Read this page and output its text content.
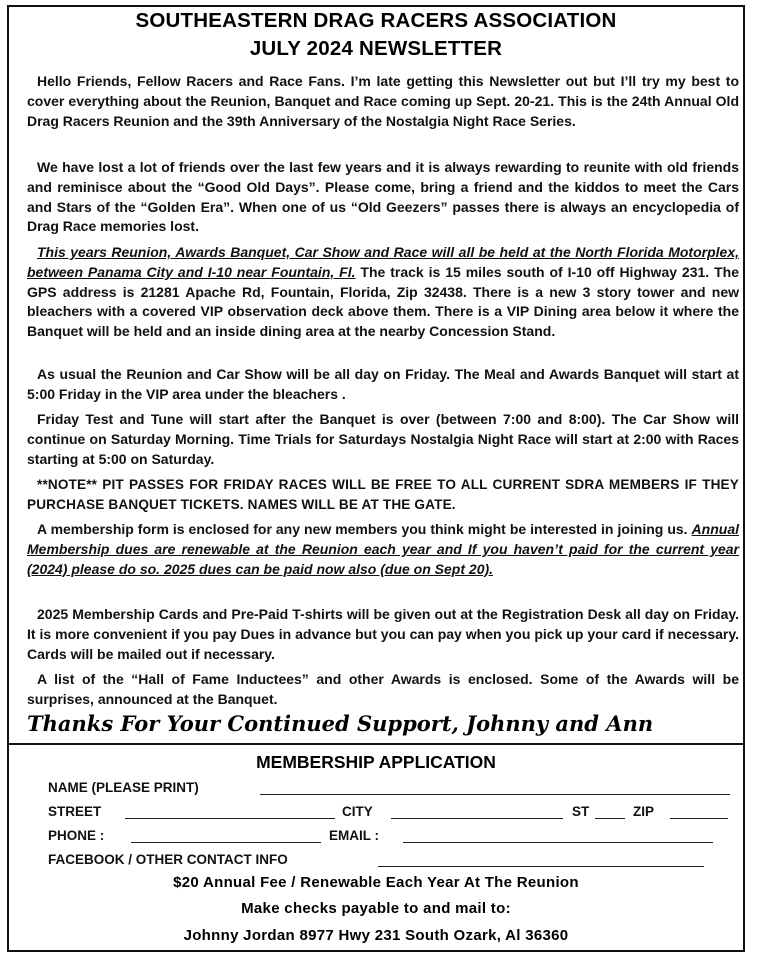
SOUTHEASTERN DRAG RACERS ASSOCIATION
JULY 2024 NEWSLETTER
Hello Friends, Fellow Racers and Race Fans. I’m late getting this Newsletter out but I’ll try my best to cover everything about the Reunion, Banquet and Race coming up Sept. 20-21. This is the 24th Annual Old Drag Racers Reunion and the 39th Anniversary of the Nostalgia Night Race Series.
We have lost a lot of friends over the last few years and it is always rewarding to reunite with old friends and reminisce about the “Good Old Days”. Please come, bring a friend and the kiddos to meet the Cars and Stars of the “Golden Era”. When one of us “Old Geezers” passes there is always an encyclopedia of Drag Race memories lost.
This years Reunion, Awards Banquet, Car Show and Race will all be held at the North Florida Motorplex, between Panama City and I-10 near Fountain, Fl. The track is 15 miles south of I-10 off Highway 231. The GPS address is 21281 Apache Rd, Fountain, Florida, Zip 32438. There is a new 3 story tower and new bleachers with a covered VIP observation deck above them. There is a VIP Dining area below it where the Banquet will be held and an inside dining area at the nearby Concession Stand.
As usual the Reunion and Car Show will be all day on Friday. The Meal and Awards Banquet will start at 5:00 Friday in the VIP area under the bleachers .
Friday Test and Tune will start after the Banquet is over (between 7:00 and 8:00). The Car Show will continue on Saturday Morning. Time Trials for Saturdays Nostalgia Night Race will start at 2:00 with Races starting at 5:00 on Saturday.
**NOTE** PIT PASSES FOR FRIDAY RACES WILL BE FREE TO ALL CURRENT SDRA MEMBERS IF THEY PURCHASE BANQUET TICKETS. NAMES WILL BE AT THE GATE.
A membership form is enclosed for any new members you think might be interested in joining us. Annual Membership dues are renewable at the Reunion each year and If you haven’t paid for the current year (2024) please do so. 2025 dues can be paid now also (due on Sept 20).
2025 Membership Cards and Pre-Paid T-shirts will be given out at the Registration Desk all day on Friday. It is more convenient if you pay Dues in advance but you can pay when you pick up your card if necessary. Cards will be mailed out if necessary.
A list of the “Hall of Fame Inductees” and other Awards is enclosed. Some of the Awards will be surprises, announced at the Banquet.
Thanks For Your Continued Support, Johnny and Ann
MEMBERSHIP APPLICATION
NAME (PLEASE PRINT)
STREET	CITY	ST	ZIP
PHONE :	EMAIL :
FACEBOOK / OTHER CONTACT INFO
$20 Annual Fee / Renewable Each Year At The Reunion
Make checks payable to and mail to:
Johnny Jordan 8977 Hwy 231 South Ozark, Al 36360
